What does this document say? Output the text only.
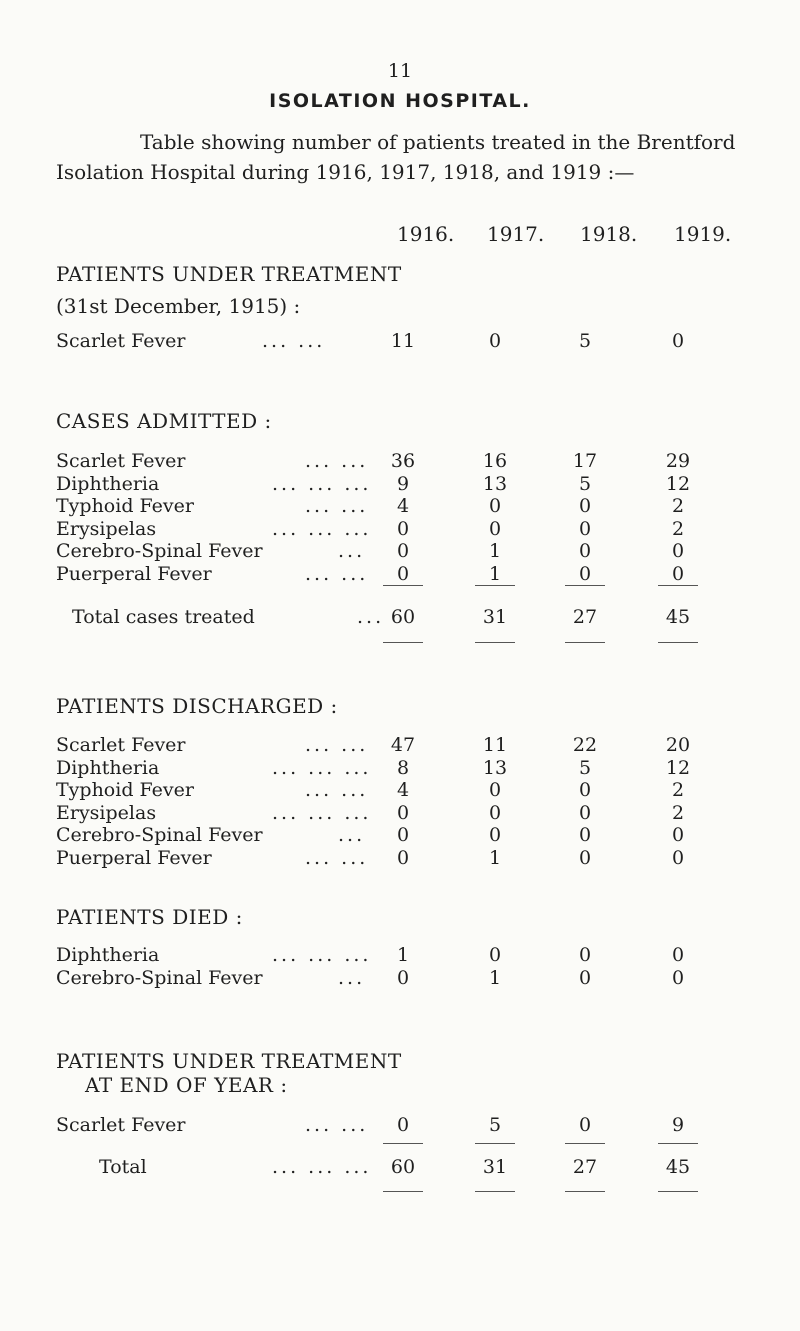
11
ISOLATION HOSPITAL.
Table showing number of patients treated in the Brentford
Isolation Hospital during 1916, 1917, 1918, and 1919 :—
1916. 1917. 1918. 1919.
PATIENTS UNDER TREATMENT
(31st December, 1915) :
Scarlet Fever	... ...	11	0	5	0
CASES ADMITTED :
Scarlet Fever	... ...	36	16	17	29
Diphtheria	... ... ...	9	13	5	12
Typhoid Fever	... ...	4	0	0	2
Erysipelas	... ... ...	0	0	0	2
Cerebro-Spinal Fever	...	0	1	0	0
Puerperal Fever	... ...	0	1	0	0
Total cases treated	... 60	31	27	45
PATIENTS DISCHARGED :
Scarlet Fever	... ...	47	11	22	20
Diphtheria	... ... ...	8	13	5	12
Typhoid Fever	... ...	4	0	0	2
Erysipelas	... ... ...	0	0	0	2
Cerebro-Spinal Fever	...	0	0	0	0
Puerperal Fever	... ...	0	1	0	0
PATIENTS DIED :
Diphtheria	... ... ...	1	0	0	0
Cerebro-Spinal Fever	...	0	1	0	0
PATIENTS UNDER TREATMENT
AT END OF YEAR :
Scarlet Fever	... ...	0	5	0	9
Total	... ... ...	60	31	27	45
